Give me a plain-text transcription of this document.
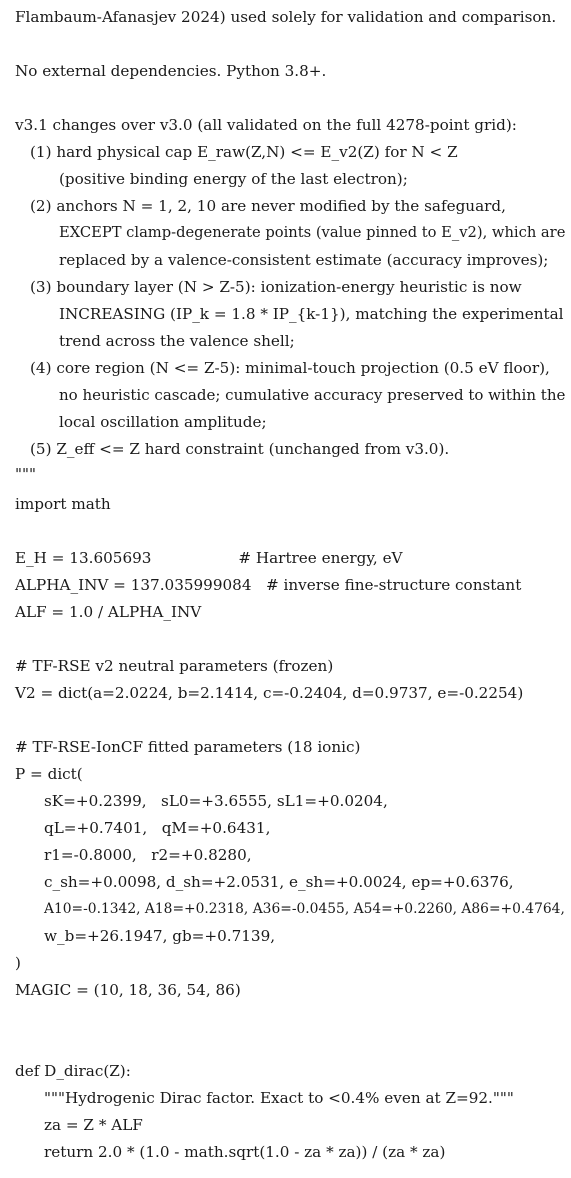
Flambaum-Afanasjev 2024) used solely for validation and comparison.
No external dependencies. Python 3.8+.
v3.1 changes over v3.0 (all validated on the full 4278-point grid):
(1) hard physical cap E_raw(Z,N) <= E_v2(Z) for N < Z
(positive binding energy of the last electron);
(2) anchors N = 1, 2, 10 are never modified by the safeguard,
EXCEPT clamp-degenerate points (value pinned to E_v2), which are
replaced by a valence-consistent estimate (accuracy improves);
(3) boundary layer (N > Z-5): ionization-energy heuristic is now
INCREASING (IP_k = 1.8 * IP_{k-1}), matching the experimental
trend across the valence shell;
(4) core region (N <= Z-5): minimal-touch projection (0.5 eV floor),
no heuristic cascade; cumulative accuracy preserved to within the
local oscillation amplitude;
(5) Z_eff <= Z hard constraint (unchanged from v3.0).
"""
import math
E_H = 13.605693                  # Hartree energy, eV
ALPHA_INV = 137.035999084   # inverse fine-structure constant
ALF = 1.0 / ALPHA_INV
# TF-RSE v2 neutral parameters (frozen)
V2 = dict(a=2.0224, b=2.1414, c=-0.2404, d=0.9737, e=-0.2254)
# TF-RSE-IonCF fitted parameters (18 ionic)
P = dict(
sK=+0.2399,   sL0=+3.6555, sL1=+0.0204,
qL=+0.7401,   qM=+0.6431,
r1=-0.8000,   r2=+0.8280,
c_sh=+0.0098, d_sh=+2.0531, e_sh=+0.0024, ep=+0.6376,
A10=-0.1342, A18=+0.2318, A36=-0.0455, A54=+0.2260, A86=+0.4764,
w_b=+26.1947, gb=+0.7139,
)
MAGIC = (10, 18, 36, 54, 86)
def D_dirac(Z):
"""Hydrogenic Dirac factor. Exact to <0.4% even at Z=92."""
za = Z * ALF
return 2.0 * (1.0 - math.sqrt(1.0 - za * za)) / (za * za)
